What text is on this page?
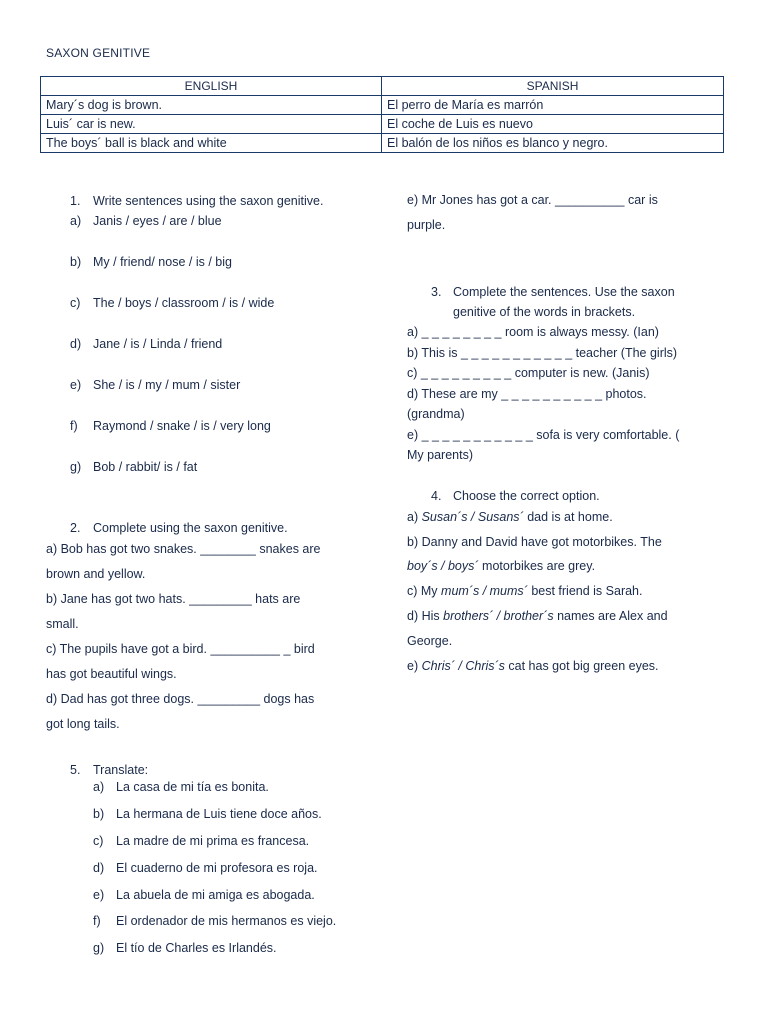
SAXON GENITIVE
ENGLISH	SPANISH
Mary´s dog is brown.	El perro de María es marrón
Luis´ car is new.	El coche de Luis es nuevo
The boys´ ball is black and white	El balón de los niños es blanco y negro.
1. Write sentences using the saxon genitive.
a) Janis / eyes / are / blue
b) My / friend/ nose / is / big
c) The / boys / classroom / is / wide
d) Jane / is / Linda / friend
e) She / is / my / mum / sister
f) Raymond / snake / is / very long
g) Bob / rabbit/ is / fat
2. Complete using the saxon genitive.
a) Bob has got two snakes. ________ snakes are
brown and yellow.
b) Jane has got two hats. _________ hats are
small.
c) The pupils have got a bird. __________ _ bird
has got beautiful wings.
d) Dad has got three dogs. _________ dogs has
got long tails.
5. Translate:
a) La casa de mi tía es bonita.
b) La hermana de Luis tiene doce años.
c) La madre de mi prima es francesa.
d) El cuaderno de mi profesora es roja.
e) La abuela de mi amiga es abogada.
f) El ordenador de mis hermanos es viejo.
g) El tío de Charles es Irlandés.
e) Mr Jones has got a car. __________ car is
purple.
3. Complete the sentences. Use the saxon
genitive of the words in brackets.
a) _ _ _ _ _ _ _ _ room is always messy. (Ian)
b) This is _ _ _ _ _ _ _ _ _ _ _ teacher (The girls)
c) _ _ _ _ _ _ _ _ _ computer is new. (Janis)
d) These are my _ _ _ _ _ _ _ _ _ _ photos.
(grandma)
e) _ _ _ _ _ _ _ _ _ _ _ sofa is very comfortable. (
My parents)
4. Choose the correct option.
a) Susan´s / Susans´ dad is at home.
b) Danny and David have got motorbikes. The
boy´s / boys´ motorbikes are grey.
c) My mum´s / mums´ best friend is Sarah.
d) His brothers´ / brother´s names are Alex and
George.
e) Chris´ / Chris´s cat has got big green eyes.
